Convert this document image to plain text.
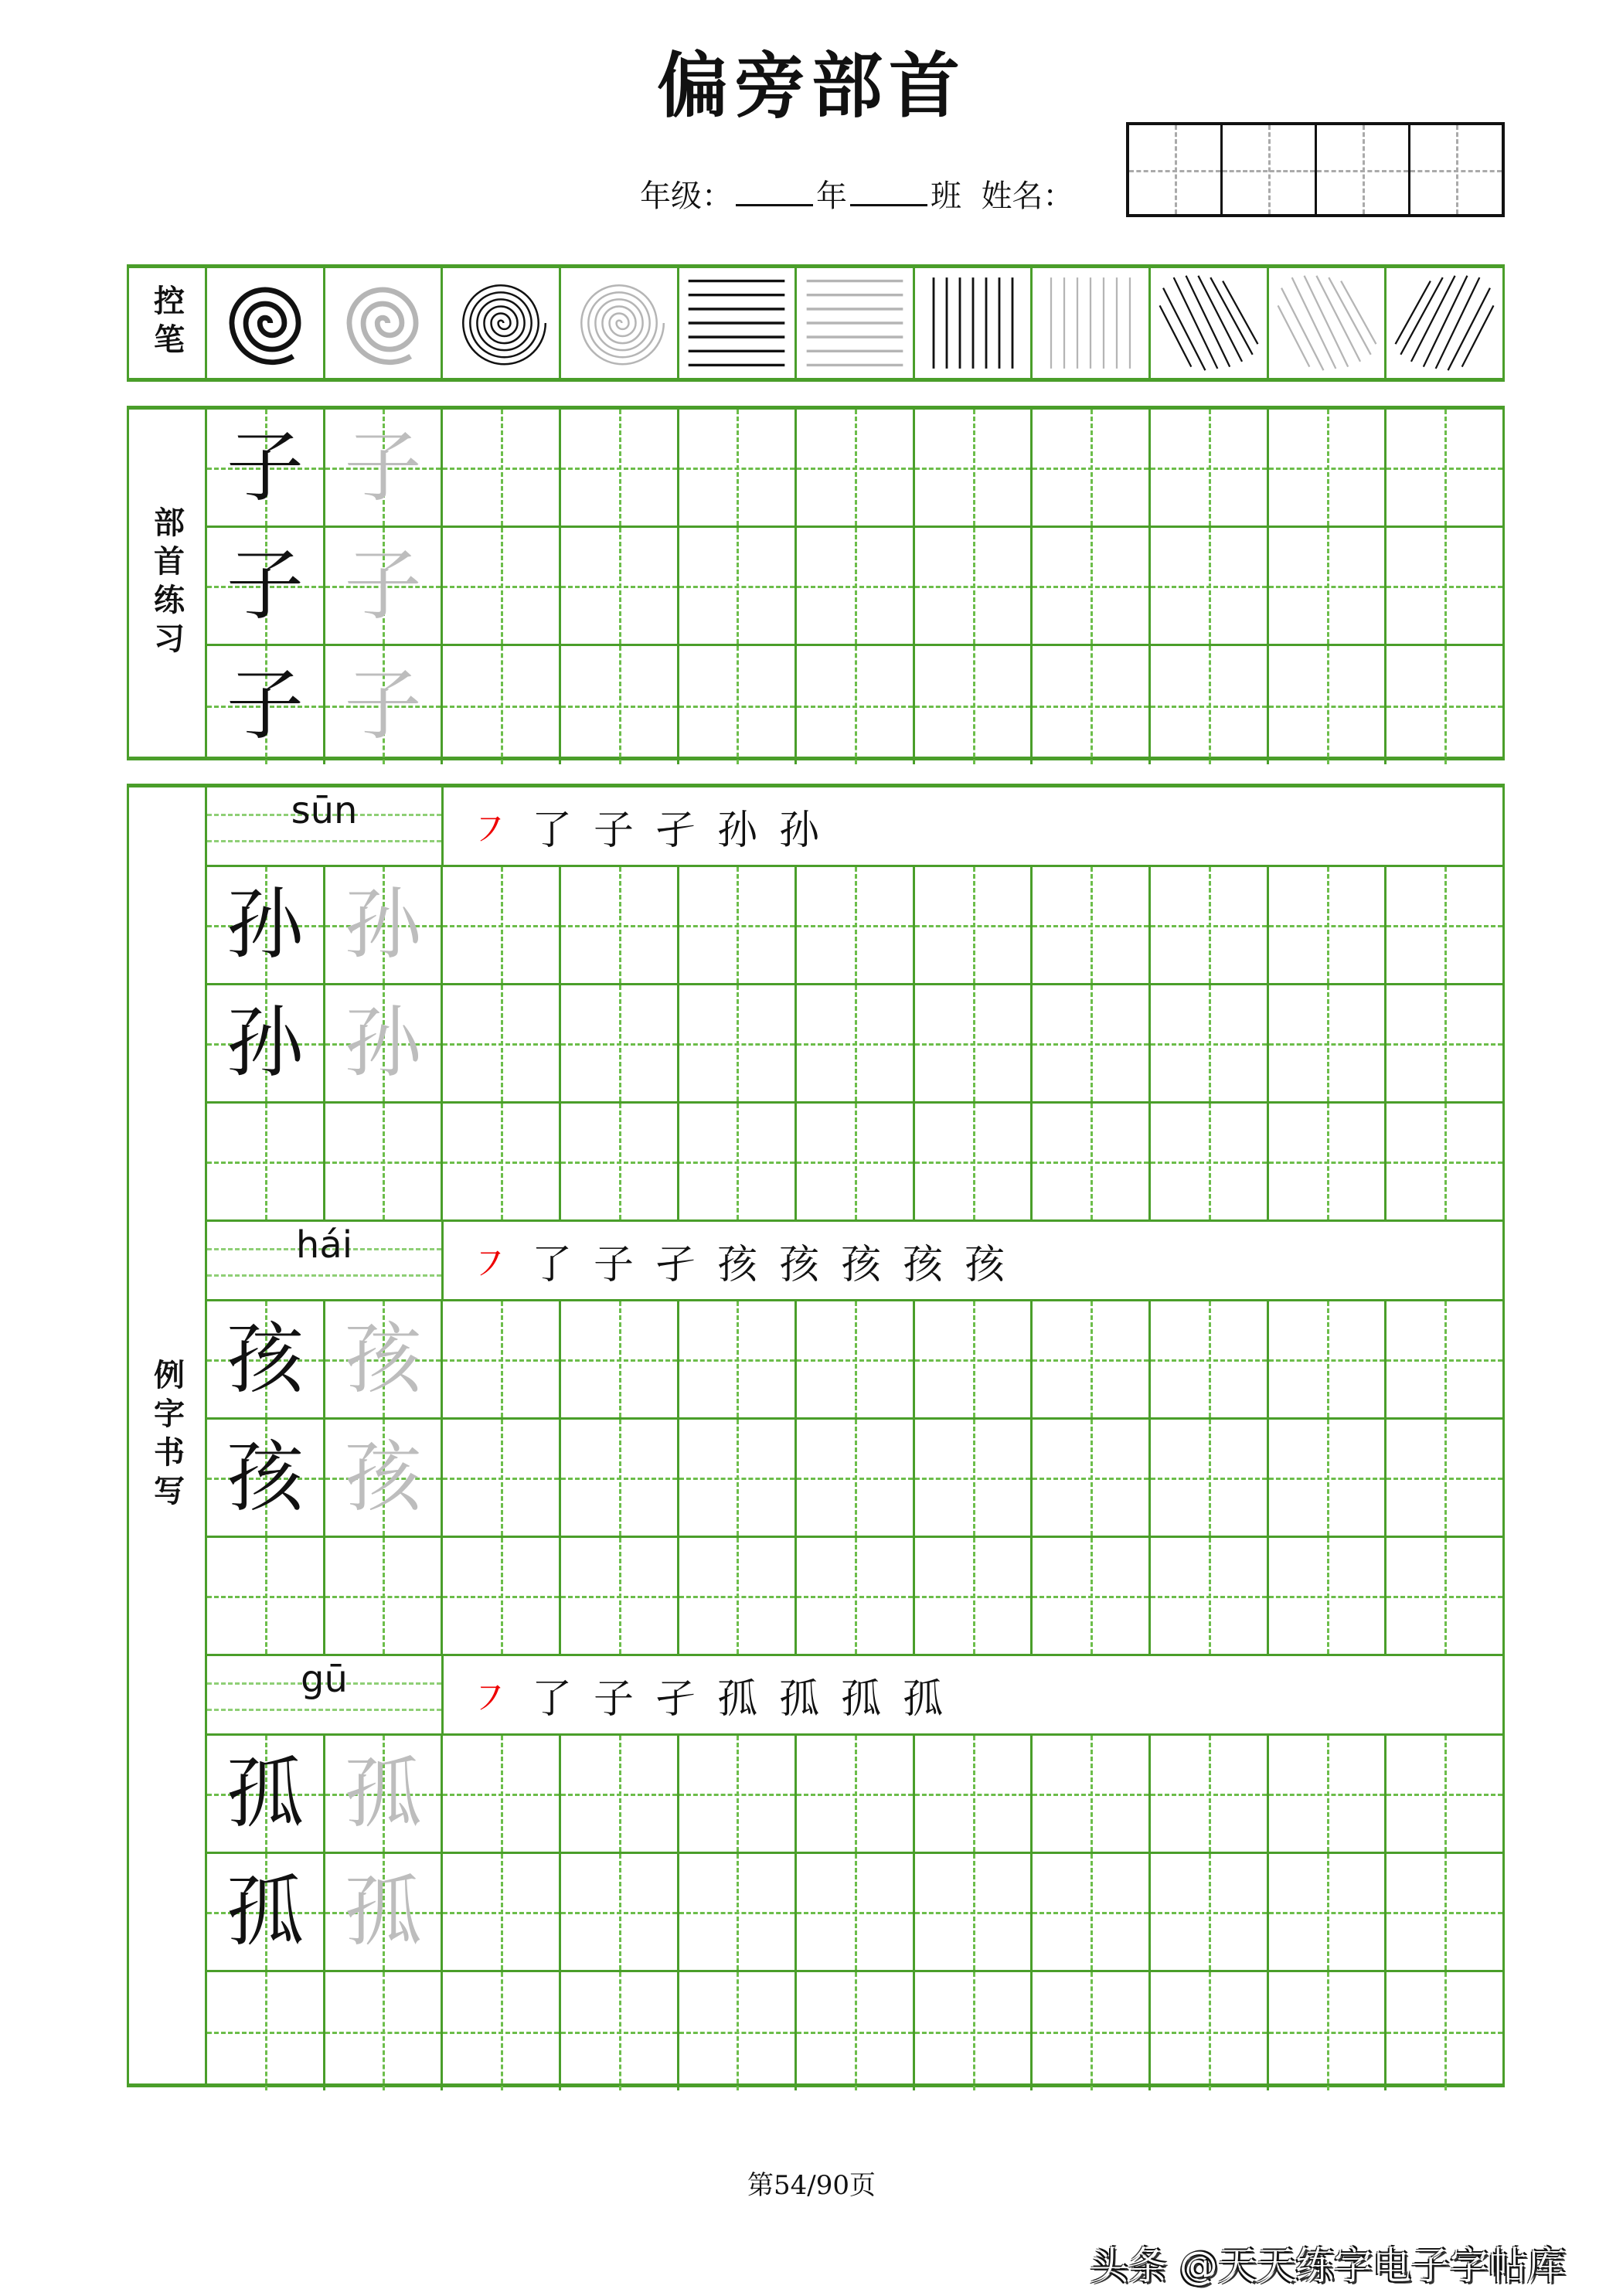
偏旁部首
年级：	年	班 姓名：
控笔
部首练习
子 子
子 子
子 子
例字书写
sūn	㇇ 了 子 孑 孙 孙
孙 孙
孙 孙
hái	㇇ 了 子 孑 孩 孩 孩 孩 孩
孩 孩
孩 孩
gū	㇇ 了 子 孑 孤 孤 孤 孤
孤 孤
孤 孤
第54/90页
头条 @天天练字电子字帖库
